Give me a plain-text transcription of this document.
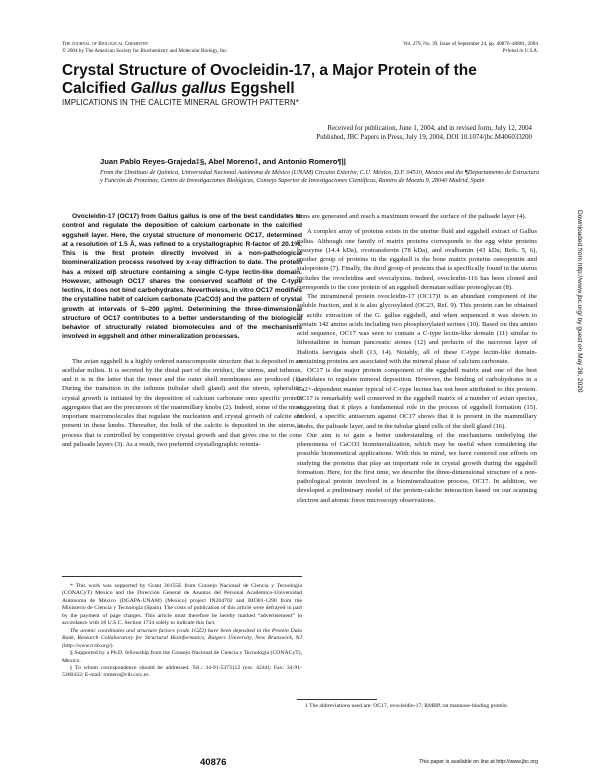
The Journal of Biological Chemistry
© 2004 by The American Society for Biochemistry and Molecular Biology, Inc.
Vol. 279, No. 39, Issue of September 24, pp. 40876–40881, 2004
Printed in U.S.A.
Crystal Structure of Ovocleidin-17, a Major Protein of the Calcified Gallus gallus Eggshell
IMPLICATIONS IN THE CALCITE MINERAL GROWTH PATTERN*
Received for publication, June 1, 2004, and in revised form, July 12, 2004
Published, JBC Papers in Press, July 19, 2004, DOI 10.1074/jbc.M406033200
Juan Pablo Reyes-Grajeda‡§, Abel Moreno‡, and Antonio Romero¶||
From the ‡Instituto de Química, Universidad Nacional Autónoma de México (UNAM) Circuito Exterior, C.U. México, D.F. 04510, Mexico and the ¶Departamento de Estructura y Función de Proteínas, Centro de Investigaciones Biológicas, Consejo Superior de Investigaciones Científicas, Ramiro de Maeztu 9, 28040 Madrid, Spain

Ovocleidin-17 (OC17) from Gallus gallus is one of the best candidates to control and regulate the deposition of calcium carbonate in the calcified eggshell layer. Here, the crystal structure of monomeric OC17, determined at a resolution of 1.5 Å, was refined to a crystallographic R-factor of 20.1%. This is the first protein directly involved in a non-pathological biomineralization process resolved by x-ray diffraction to date. The protein has a mixed α/β structure containing a single C-type lectin-like domain. However, although OC17 shares the conserved scaffold of the C-type lectins, it does not bind carbohydrates. Nevertheless, in vitro OC17 modifies the crystalline habit of calcium carbonate (CaCO3) and the pattern of crystal growth at intervals of 5–200 μg/ml. Determining the three-dimensional structure of OC17 contributes to a better understanding of the biological behavior of structurally related biomolecules and of the mechanisms involved in eggshell and other mineralization processes.

The avian eggshell is a highly ordered nanocomposite structure that is deposited in an acellular milieu. It is secreted by the distal part of the oviduct, the uterus, and isthmus, and it is in the latter that the inner and the outer shell membranes are produced (1). During the transition in the isthmus (tubular shell gland) and the uterus, spherulitic crystal growth is initiated by the deposition of calcium carbonate onto specific protein aggregates that are the precursors of the mammillary knobs (2). Indeed, some of the most important macromolecules that regulate the nucleation and crystal growth of calcite are present in these knobs. Thereafter, the bulk of the calcite is deposited in the uterus, a process that is controlled by competitive crystal growth and that gives rise to the cone and palisade layers (3). As a result, two preferred crystallographic orienta-

* This work was supported by Grant 36155E from Consejo Nacional de Ciencia y Tecnología (CONACyT) Mexico and the Dirección General de Asuntos del Personal Académico-Universidad Autónoma de México (DGAPA-UNAM) (Mexico) project IN204702 and BIO01-1290 from the Ministerio de Ciencia y Tecnología (Spain). The costs of publication of this article were defrayed in part by the payment of page charges. This article must therefore be hereby marked “advertisement” in accordance with 18 U.S.C. Section 1734 solely to indicate this fact.

The atomic coordinates and structure factors (code 1GZ2) have been deposited in the Protein Data Bank, Research Collaboratory for Structural Bioinformatics, Rutgers University, New Brunswick, NJ (http://www.rcsb.org/).

§ Supported by a Ph.D. fellowship from the Consejo Nacional de Ciencia y Tecnología (CONACyT), Mexico.

|| To whom correspondence should be addressed. Tel.: 34-91-5373112 (ext. 4244); Fax: 34-91-5360432; E-mail: romero@cib.csic.es.

tions are generated and reach a maximum toward the surface of the palisade layer (4).

A complex array of proteins exists in the uterine fluid and eggshell extract of Gallus gallus. Although one family of matrix proteins corresponds to the egg white proteins lysozyme (14.4 kDa), ovotransferrin (78 kDa), and ovalbumin (43 kDa; Refs. 5, 6), another group of proteins in the eggshell is the bone matrix proteins osteopontin and sialoprotein (7). Finally, the third group of proteins that is specifically found in the uterus includes the ovocleidins and ovocalyxins. Indeed, ovocleidin-116 has been cloned and corresponds to the core protein of an eggshell dermatan sulfate proteoglycan (8).

The intramineral protein ovocleidin-17 (OC17)1 is an abundant component of the soluble fraction, and it is also glycosylated (OC23, Ref. 9). This protein can be obtained by acidic extraction of the G. gallus eggshell, and when sequenced it was shown to contain 142 amino acids including two phosphorylated serines (10). Based on this amino acid sequence, OC17 was seen to contain a C-type lectin-like domain (11) similar to lithostathine in human pancreatic stones (12) and perlucin of the nacreous layer of Haliotis laevigata shell (13, 14). Notably, all of these C-type lectin-like domain-containing proteins are associated with the mineral phase of calcium carbonate.

OC17 is the major protein component of the eggshell matrix and one of the best candidates to regulate mineral deposition. However, the binding of carbohydrates in a Ca2+-dependent manner typical of C-type lectins has not been attributed to this protein. OC17 is remarkably well conserved in the eggshell matrix of a number of avian species, suggesting that it plays a fundamental role in the process of eggshell formation (15). Indeed, a specific antiserum against OC17 shows that it is present in the mammillary knobs, the palisade layer, and in the tubular gland cells of the shell gland (16).

Our aim is to gain a better understanding of the mechanisms underlying the phenomena of CaCO3 biomineralization, which may be useful when considering the possible biomimetical applications. With this in mind, we have centered our efforts on studying the proteins that play an important role in crystal growth during the eggshell formation. Here, for the first time, we describe the three-dimensional structure of a non-pathological protein involved in a biomineralization process, OC17. In addition, we developed a preliminary model of the protein-calcite interaction based on our scanning electron and atomic force microscopy observations.

1 The abbreviations used are: OC17, ovocleidin-17; RMBP, rat mannose-binding protein.

40876	This paper is available on line at http://www.jbc.org
Downloaded from http://www.jbc.org/ by guest on May 28, 2020
